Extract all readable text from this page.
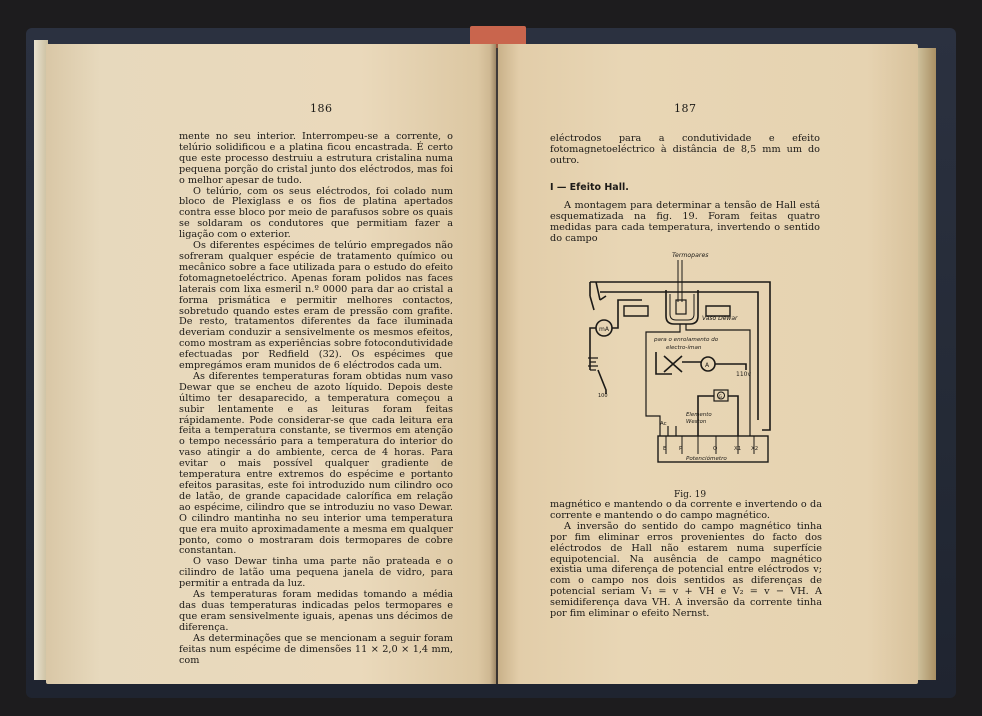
186

mente no seu interior. Interrompeu-se a corrente, o telúrio solidificou e a platina ficou encastrada. É certo que este processo destruiu a estrutura cristalina numa pequena porção do cristal junto dos eléctrodos, mas foi o melhor apesar de tudo.

O telúrio, com os seus eléctrodos, foi colado num bloco de Plexiglass e os fios de platina apertados contra esse bloco por meio de parafusos sobre os quais se soldaram os condutores que permitiam fazer a ligação com o exterior.

Os diferentes espécimes de telúrio empregados não sofreram qualquer espécie de tratamento químico ou mecânico sobre a face utilizada para o estudo do efeito fotomagnetoeléctrico. Apenas foram polidos nas faces laterais com lixa esmeril n.º 0000 para dar ao cristal a forma prismática e permitir melhores contactos, sobretudo quando estes eram de pressão com grafite. De resto, tratamentos diferentes da face iluminada deveriam conduzir a sensivelmente os mesmos efeitos, como mostram as experiências sobre fotocondutividade efectuadas por Redfield (32). Os espécimes que empregámos eram munidos de 6 eléctrodos cada um.

As diferentes temperaturas foram obtidas num vaso Dewar que se encheu de azoto líquido. Depois deste último ter desaparecido, a temperatura começou a subir lentamente e as leituras foram feitas rápidamente. Pode considerar-se que cada leitura era feita a temperatura constante, se tivermos em atenção o tempo necessário para a temperatura do interior do vaso atingir a do ambiente, cerca de 4 horas. Para evitar o mais possível qualquer gradiente de temperatura entre extremos do espécime e portanto efeitos parasitas, este foi introduzido num cilindro oco de latão, de grande capacidade calorífica em relação ao espécime, cilindro que se introduziu no vaso Dewar. O cilindro mantinha no seu interior uma temperatura que era muito aproximadamente a mesma em qualquer ponto, como o mostraram dois termopares de cobre constantan.

O vaso Dewar tinha uma parte não prateada e o cilindro de latão uma pequena janela de vidro, para permitir a entrada da luz.

As temperaturas foram medidas tomando a média das duas temperaturas indicadas pelos termopares e que eram sensivelmente iguais, apenas uns décimos de diferença.

As determinações que se mencionam a seguir foram feitas num espécime de dimensões 11 × 2,0 × 1,4 mm, com

187

eléctrodos para a condutividade e efeito fotomagnetoeléctrico à distância de 8,5 mm um do outro.

I — Efeito Hall.

A montagem para determinar a tensão de Hall está esquematizada na fig. 19. Foram feitas quatro medidas para cada temperatura, invertendo o sentido do campo

Termopares
mA
100
Vaso Dewar
para o enrolamento do
electro-íman
A
110v
G
Elemento
Weston
Ac
E P	Q	X1 X2
Potenciómetro
Fig. 19

magnético e mantendo o da corrente e invertendo o da corrente e mantendo o do campo magnético.

A inversão do sentido do campo magnético tinha por fim eliminar erros provenientes do facto dos eléctrodos de Hall não estarem numa superfície equipotencial. Na ausência de campo magnético existia uma diferença de potencial entre eléctrodos v; com o campo nos dois sentidos as diferenças de potencial seriam V₁ = v + VH e V₂ = v − VH. A semidiferença dava VH. A inversão da corrente tinha por fim eliminar o efeito Nernst.
